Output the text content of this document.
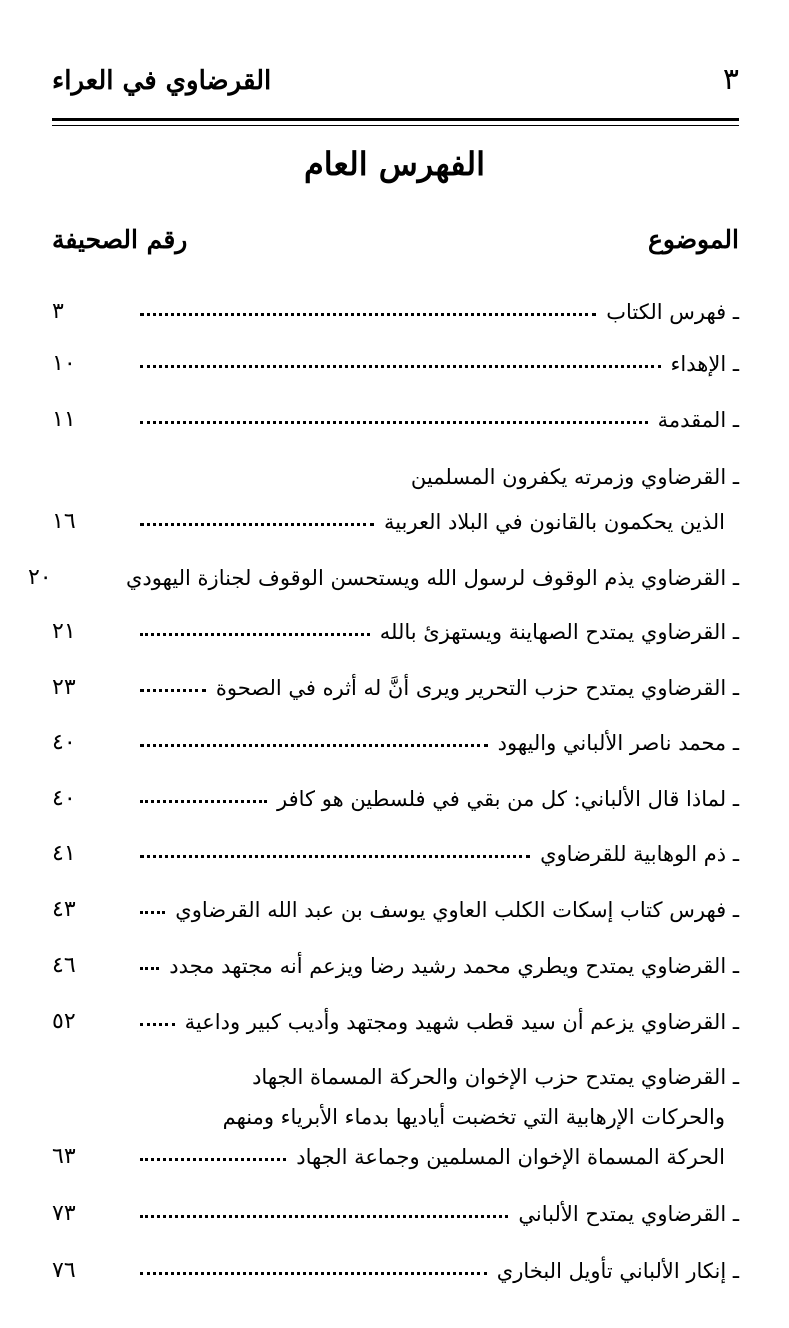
٣
القرضاوي في العراء
الفهرس العام
الموضوع
رقم الصحيفة
ـ فهرس الكتاب
٣
ـ الإهداء
١٠
ـ المقدمة
١١
ـ القرضاوي وزمرته يكفرون المسلمين
الذين يحكمون بالقانون في البلاد العربية
١٦
ـ القرضاوي يذم الوقوف لرسول الله ويستحسن الوقوف لجنازة اليهودي
٢٠
ـ القرضاوي يمتدح الصهاينة ويستهزئ بالله
٢١
ـ القرضاوي يمتدح حزب التحرير ويرى أنَّ له أثره في الصحوة
٢٣
ـ محمد ناصر الألباني واليهود
٤٠
ـ لماذا قال الألباني: كل من بقي في فلسطين هو كافر
٤٠
ـ ذم الوهابية للقرضاوي
٤١
ـ فهرس كتاب إسكات الكلب العاوي يوسف بن عبد الله القرضاوي
٤٣
ـ القرضاوي يمتدح ويطري محمد رشيد رضا ويزعم أنه مجتهد مجدد
٤٦
ـ القرضاوي يزعم أن سيد قطب شهيد ومجتهد وأديب كبير وداعية
٥٢
ـ القرضاوي يمتدح حزب الإخوان والحركة المسماة الجهاد
والحركات الإرهابية التي تخضبت أياديها بدماء الأبرياء ومنهم
الحركة المسماة الإخوان المسلمين وجماعة الجهاد
٦٣
ـ القرضاوي يمتدح الألباني
٧٣
ـ إنكار الألباني تأويل البخاري
٧٦
